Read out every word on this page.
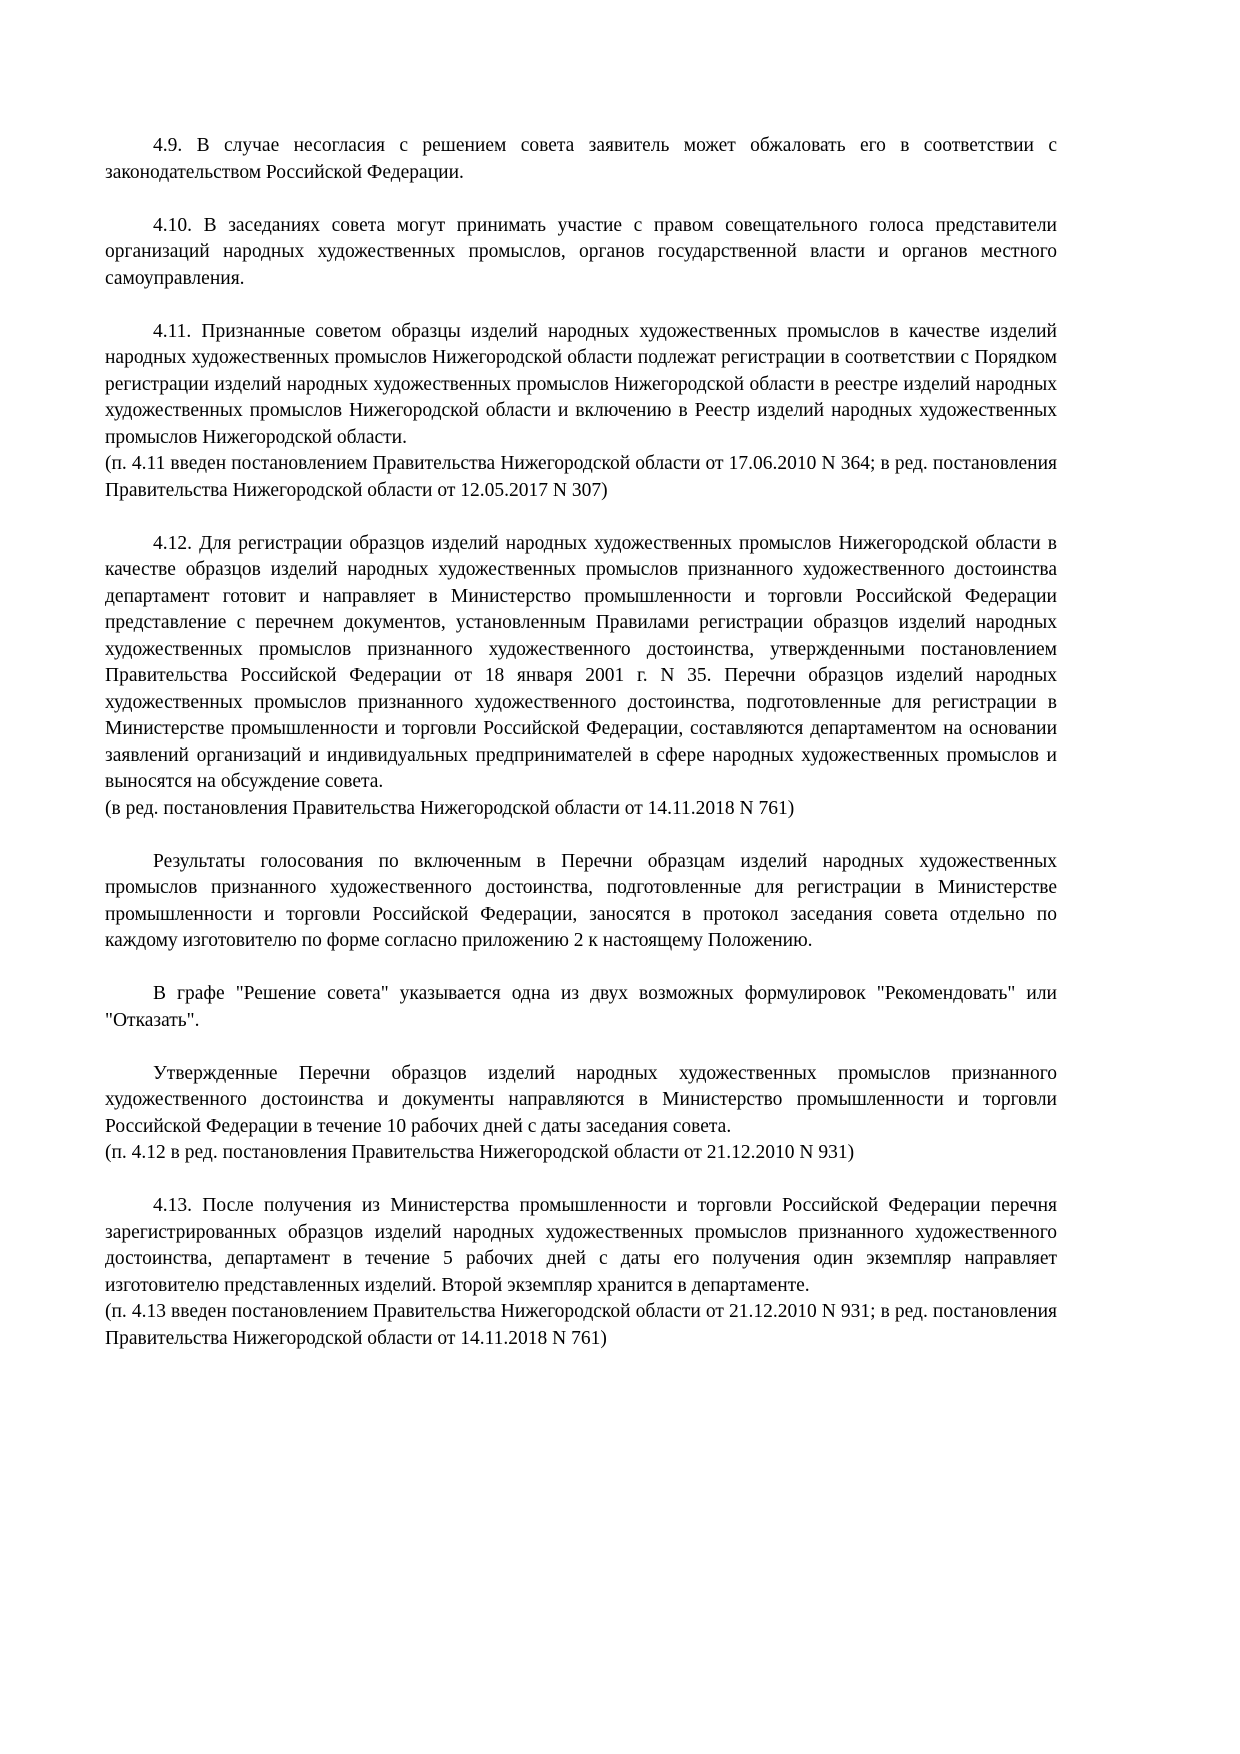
4.9. В случае несогласия с решением совета заявитель может обжаловать его в соответствии с законодательством Российской Федерации.

4.10. В заседаниях совета могут принимать участие с правом совещательного голоса представители организаций народных художественных промыслов, органов государственной власти и органов местного самоуправления.

4.11. Признанные советом образцы изделий народных художественных промыслов в качестве изделий народных художественных промыслов Нижегородской области подлежат регистрации в соответствии с Порядком регистрации изделий народных художественных промыслов Нижегородской области в реестре изделий народных художественных промыслов Нижегородской области и включению в Реестр изделий народных художественных промыслов Нижегородской области.

(п. 4.11 введен постановлением Правительства Нижегородской области от 17.06.2010 N 364; в ред. постановления Правительства Нижегородской области от 12.05.2017 N 307)

4.12. Для регистрации образцов изделий народных художественных промыслов Нижегородской области в качестве образцов изделий народных художественных промыслов признанного художественного достоинства департамент готовит и направляет в Министерство промышленности и торговли Российской Федерации представление с перечнем документов, установленным Правилами регистрации образцов изделий народных художественных промыслов признанного художественного достоинства, утвержденными постановлением Правительства Российской Федерации от 18 января 2001 г. N 35. Перечни образцов изделий народных художественных промыслов признанного художественного достоинства, подготовленные для регистрации в Министерстве промышленности и торговли Российской Федерации, составляются департаментом на основании заявлений организаций и индивидуальных предпринимателей в сфере народных художественных промыслов и выносятся на обсуждение совета.

(в ред. постановления Правительства Нижегородской области от 14.11.2018 N 761)

Результаты голосования по включенным в Перечни образцам изделий народных художественных промыслов признанного художественного достоинства, подготовленные для регистрации в Министерстве промышленности и торговли Российской Федерации, заносятся в протокол заседания совета отдельно по каждому изготовителю по форме согласно приложению 2 к настоящему Положению.

В графе "Решение совета" указывается одна из двух возможных формулировок "Рекомендовать" или "Отказать".

Утвержденные Перечни образцов изделий народных художественных промыслов признанного художественного достоинства и документы направляются в Министерство промышленности и торговли Российской Федерации в течение 10 рабочих дней с даты заседания совета.

(п. 4.12 в ред. постановления Правительства Нижегородской области от 21.12.2010 N 931)

4.13. После получения из Министерства промышленности и торговли Российской Федерации перечня зарегистрированных образцов изделий народных художественных промыслов признанного художественного достоинства, департамент в течение 5 рабочих дней с даты его получения один экземпляр направляет изготовителю представленных изделий. Второй экземпляр хранится в департаменте.

(п. 4.13 введен постановлением Правительства Нижегородской области от 21.12.2010 N 931; в ред. постановления Правительства Нижегородской области от 14.11.2018 N 761)
